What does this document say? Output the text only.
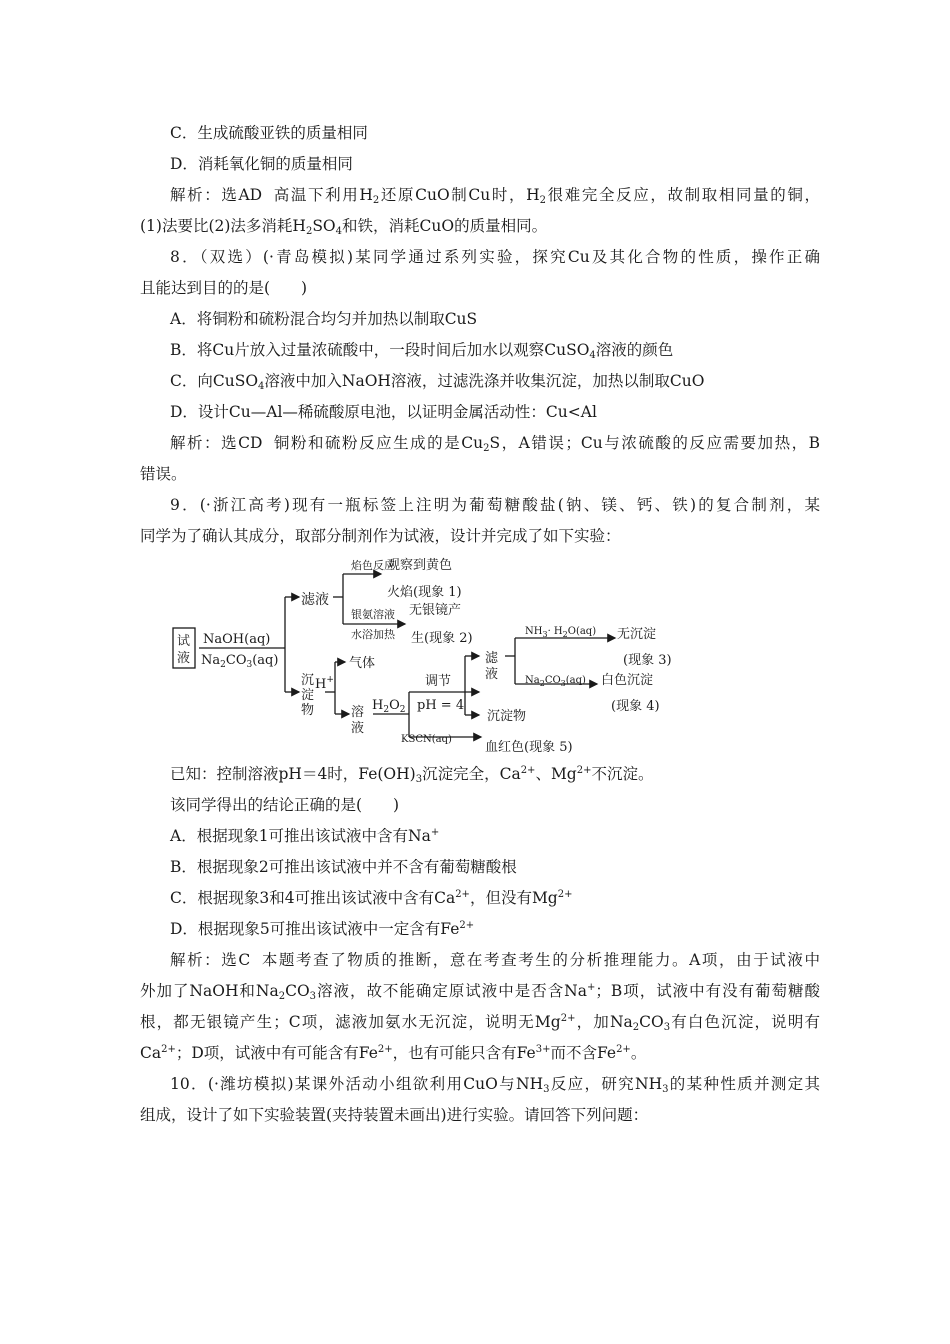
C．生成硫酸亚铁的质量相同
D．消耗氧化铜的质量相同
解析：选AD 高温下利用$H_2$还原CuO制Cu时，$H_2$很难完全反应，故制取相同量的铜，
(1)法要比(2)法多消耗$H_2SO_4$和铁，消耗CuO的质量相同。
8．（双选）(·青岛模拟)某同学通过系列实验，探究Cu及其化合物的性质，操作正确
且能达到目的的是(　　)
A．将铜粉和硫粉混合均匀并加热以制取CuS
B．将Cu片放入过量浓硫酸中，一段时间后加水以观察CuSO$_4$溶液的颜色
C．向CuSO$_4$溶液中加入NaOH溶液，过滤洗涤并收集沉淀，加热以制取CuO
D．设计Cu—Al—稀硫酸原电池，以证明金属活动性：Cu<Al
解析：选CD 铜粉和硫粉反应生成的是$Cu_2S$，A错误；Cu与浓硫酸的反应需要加热，B
错误。
9．(·浙江高考)现有一瓶标签上注明为葡萄糖酸盐(钠、镁、钙、铁)的复合制剂，某
同学为了确认其成分，取部分制剂作为试液，设计并完成了如下实验：
试
液
NaOH(aq)
$Na_2CO_3(aq)$
滤液
焰色反应
观察到黄色
火焰(现象 1)
银氨溶液
水浴加热
无银镜产
生(现象 2)
沉
淀
物
H+
气体
溶
液
$H_2O_2$
调节
pH = 4
滤
液
沉淀物
KSCN(aq)
血红色(现象 5)
$NH_3\cdot H_2O(aq)$ 无沉淀
(现象 3)
$Na_2CO_3(aq)$ 白色沉淀
(现象 4)
已知：控制溶液pH＝4时，$Fe(OH)_3$沉淀完全，$Ca^{2+}$、$Mg^{2+}$不沉淀。
该同学得出的结论正确的是(　　)
A．根据现象1可推出该试液中含有Na+
B．根据现象2可推出该试液中并不含有葡萄糖酸根
C．根据现象3和4可推出该试液中含有$Ca^{2+}$，但没有$Mg^{2+}$
D．根据现象5可推出该试液中一定含有$Fe^{2+}$
解析：选C 本题考查了物质的推断，意在考查考生的分析推理能力。A项，由于试液中
外加了NaOH和$Na_2CO_3$溶液，故不能确定原试液中是否含Na+；B项，试液中有没有葡萄糖酸
根，都无银镜产生；C项，滤液加氨水无沉淀，说明无$Mg^{2+}$，加$Na_2CO_3$有白色沉淀，说明有
$Ca^{2+}$；D项，试液中有可能含有$Fe^{2+}$，也有可能只含有$Fe^{3+}$而不含$Fe^{2+}$。
10．(·潍坊模拟)某课外活动小组欲利用CuO与$NH_3$反应，研究$NH_3$的某种性质并测定其
组成，设计了如下实验装置(夹持装置未画出)进行实验。请回答下列问题：
